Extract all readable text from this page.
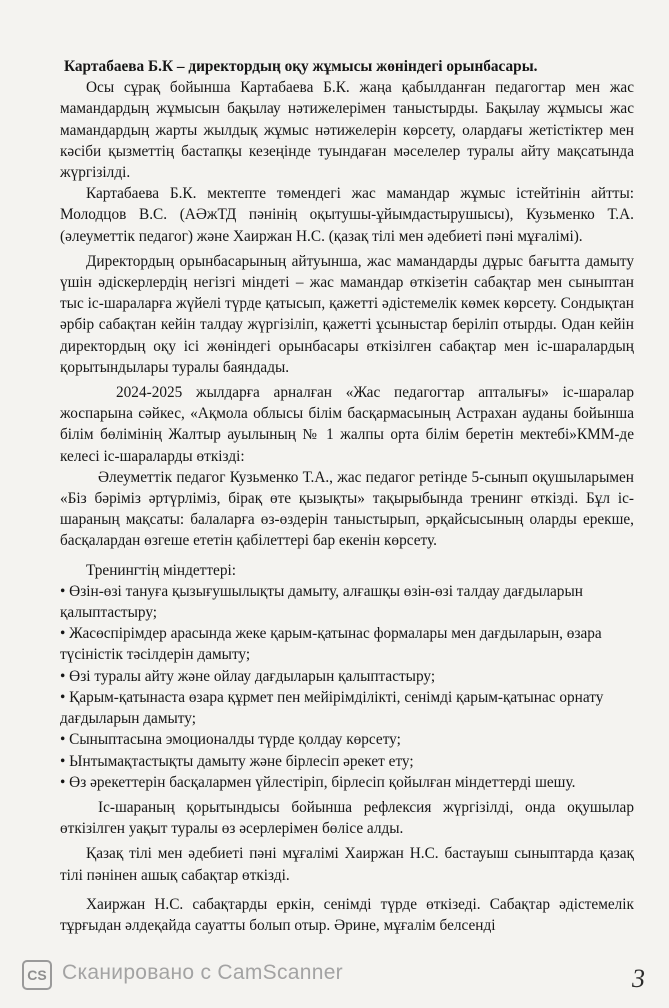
Картабаева Б.К – директордың оқу жұмысы жөніндегі орынбасары.

Осы сұрақ бойынша Картабаева Б.К. жаңа қабылданған педагогтар мен жас мамандардың жұмысын бақылау нәтижелерімен таныстырды. Бақылау жұмысы жас мамандардың жарты жылдық жұмыс нәтижелерін көрсету, олардағы жетістіктер мен кәсіби қызметтің бастапқы кезеңінде туындаған мәселелер туралы айту мақсатында жүргізілді.

Картабаева Б.К. мектепте төмендегі жас мамандар жұмыс істейтінін айтты: Молодцов В.С. (АӘжТД пәнінің оқытушы-ұйымдастырушысы), Кузьменко Т.А. (әлеуметтік педагог) және Хаиржан Н.С. (қазақ тілі мен әдебиеті пәні мұғалімі).

Директордың орынбасарының айтуынша, жас мамандарды дұрыс бағытта дамыту үшін әдіскерлердің негізгі міндеті – жас мамандар өткізетін сабақтар мен сыныптан тыс іс-шараларға жүйелі түрде қатысып, қажетті әдістемелік көмек көрсету. Сондықтан әрбір сабақтан кейін талдау жүргізіліп, қажетті ұсыныстар беріліп отырды. Одан кейін директордың оқу ісі жөніндегі орынбасары өткізілген сабақтар мен іс-шаралардың қорытындылары туралы баяндады.

2024-2025 жылдарға арналған «Жас педагогтар апталығы» іс-шаралар жоспарына сәйкес, «Ақмола облысы білім басқармасының Астрахан ауданы бойынша білім бөлімінің Жалтыр ауылының № 1 жалпы орта білім беретін мектебі»КММ-де келесі іс-шараларды өткізді:

Әлеуметтік педагог Кузьменко Т.А., жас педагог ретінде 5-сынып оқушыларымен «Біз бәріміз әртүрліміз, бірақ өте қызықты» тақырыбында тренинг өткізді. Бұл іс-шараның мақсаты: балаларға өз-өздерін таныстырып, әрқайсысының оларды ерекше, басқалардан өзгеше ететін қабілеттері бар екенін көрсету.

Тренингтің міндеттері:

• Өзін-өзі тануға қызығушылықты дамыту, алғашқы өзін-өзі талдау дағдыларын қалыптастыру;

• Жасөспірімдер арасында жеке қарым-қатынас формалары мен дағдыларын, өзара түсіністік тәсілдерін дамыту;

• Өзі туралы айту және ойлау дағдыларын қалыптастыру;

• Қарым-қатынаста өзара құрмет пен мейірімділікті, сенімді қарым-қатынас орнату дағдыларын дамыту;

• Сыныптасына эмоционалды түрде қолдау көрсету;

• Ынтымақтастықты дамыту және бірлесіп әрекет ету;

• Өз әрекеттерін басқалармен үйлестіріп, бірлесіп қойылған міндеттерді шешу.

Іс-шараның қорытындысы бойынша рефлексия жүргізілді, онда оқушылар өткізілген уақыт туралы өз әсерлерімен бөлісе алды.

Қазақ тілі мен әдебиеті пәні мұғалімі Хаиржан Н.С. бастауыш сыныптарда қазақ тілі пәнінен ашық сабақтар өткізді.

Хаиржан Н.С. сабақтарды еркін, сенімді түрде өткізеді. Сабақтар әдістемелік тұрғыдан әлдеқайда сауатты болып отыр. Әрине, мұғалім белсенді

CS Сканировано с CamScanner	3
